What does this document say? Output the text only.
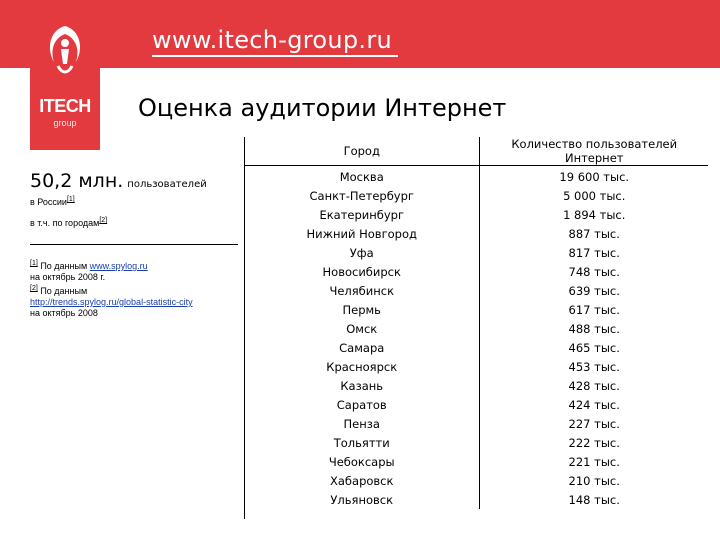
ITECH
group
www.itech-group.ru
Оценка аудитории Интернет
50,2 млн. пользователей
в России[1]
в т.ч. по городам[2]
[1] По данным www.spylog.ru
на октябрь 2008 г.
[2] По данным
http://trends.spylog.ru/global-statistic-city
на октябрь 2008
Город	Количество пользователей Интернет
Москва	19 600 тыс.
Санкт-Петербург	5 000 тыс.
Екатеринбург	1 894 тыс.
Нижний Новгород	887 тыс.
Уфа	817 тыс.
Новосибирск	748 тыс.
Челябинск	639 тыс.
Пермь	617 тыс.
Омск	488 тыс.
Самара	465 тыс.
Красноярск	453 тыс.
Казань	428 тыс.
Саратов	424 тыс.
Пенза	227 тыс.
Тольятти	222 тыс.
Чебоксары	221 тыс.
Хабаровск	210 тыс.
Ульяновск	148 тыс.
